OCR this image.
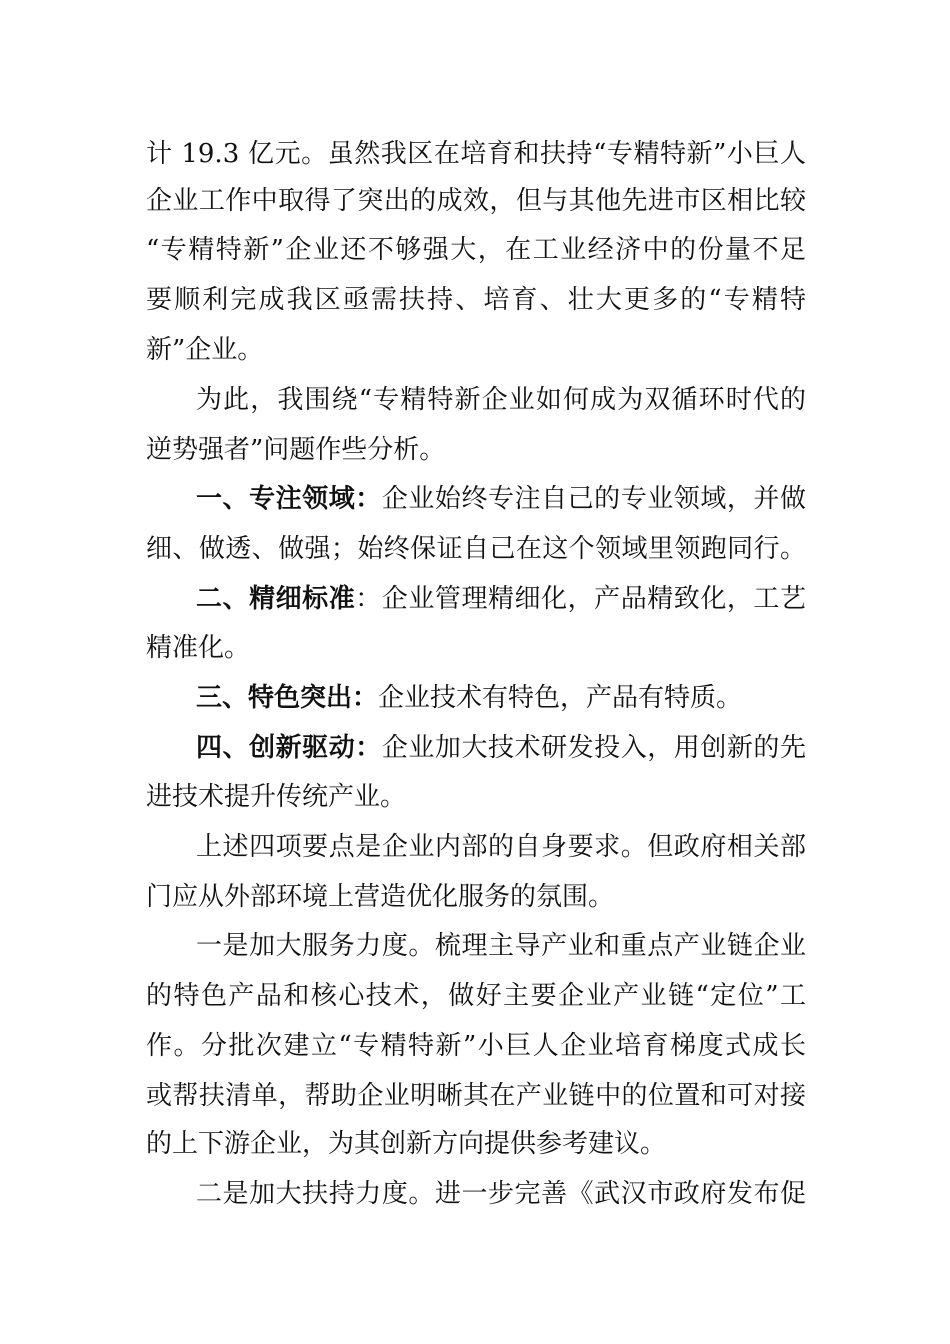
计 19.3 亿元。虽然我区在培育和扶持“专精特新”小巨人
企业工作中取得了突出的成效，但与其他先进市区相比较
“专精特新”企业还不够强大，在工业经济中的份量不足
要顺利完成我区亟需扶持、培育、壮大更多的“专精特
新”企业。
为此，我围绕“专精特新企业如何成为双循环时代的
逆势强者”问题作些分析。
一、专注领域：企业始终专注自己的专业领域，并做
细、做透、做强；始终保证自己在这个领域里领跑同行。
二、精细标准：企业管理精细化，产品精致化，工艺
精准化。
三、特色突出：企业技术有特色，产品有特质。
四、创新驱动：企业加大技术研发投入，用创新的先
进技术提升传统产业。
上述四项要点是企业内部的自身要求。但政府相关部
门应从外部环境上营造优化服务的氛围。
一是加大服务力度。梳理主导产业和重点产业链企业
的特色产品和核心技术，做好主要企业产业链“定位”工
作。分批次建立“专精特新”小巨人企业培育梯度式成长
或帮扶清单，帮助企业明晰其在产业链中的位置和可对接
的上下游企业，为其创新方向提供参考建议。
二是加大扶持力度。进一步完善《武汉市政府发布促
